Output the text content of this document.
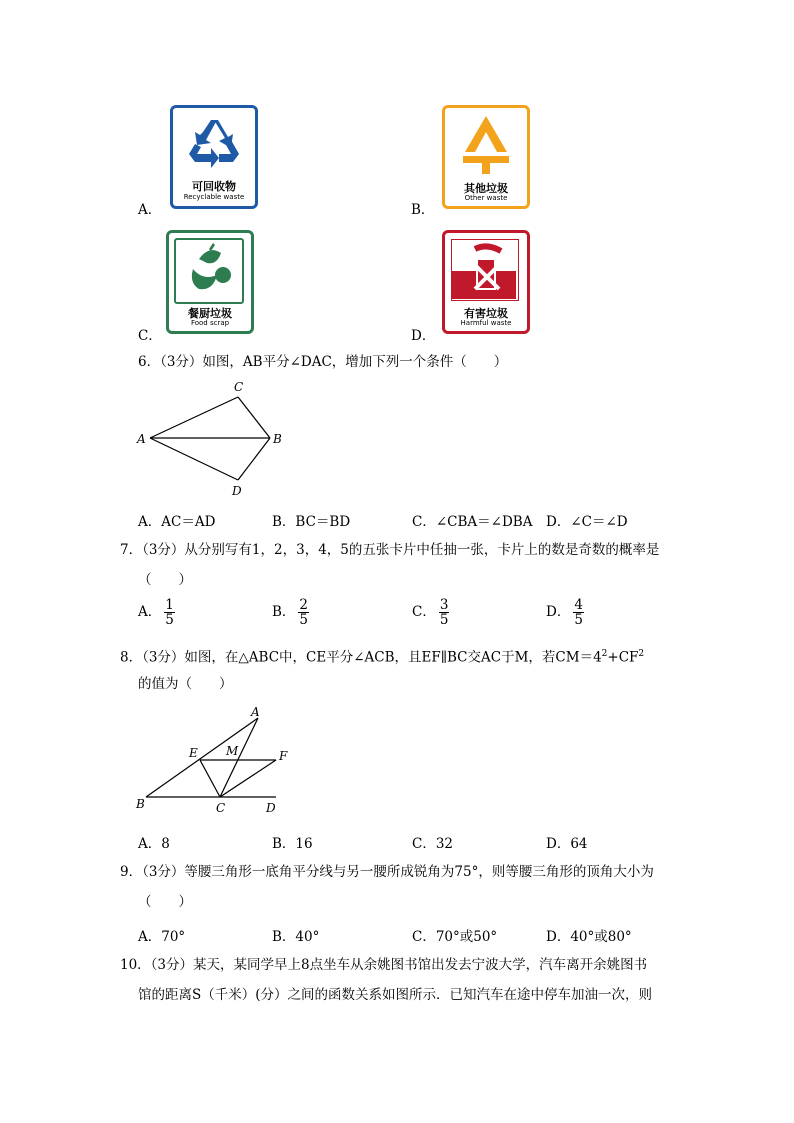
可回收物
Recyclable waste
A．
其他垃圾
Other waste
B．
餐厨垃圾
Food scrap
C．
有害垃圾
Harmful waste
D．
6．（3分）如图，AB平分∠DAC，增加下列一个条件（　　）
C
A	B
D
A．AC＝AD	B．BC＝BD	C．∠CBA＝∠DBA D．∠C＝∠D
7．（3分）从分别写有1，2，3，4，5的五张卡片中任抽一张，卡片上的数是奇数的概率是
（　　）
A． $\frac{1}{5}$	B． $\frac{2}{5}$	C． $\frac{3}{5}$	D． $\frac{4}{5}$
8．（3分）如图，在△ABC中，CE平分∠ACB，且EF∥BC交AC于M，若$CM=4^2+CF^2$
的值为（　　）
A
E M	F
B	C	D
A．8	B．16	C．32	D．64
9．（3分）等腰三角形一底角平分线与另一腰所成锐角为75°，则等腰三角形的顶角大小为
（　　）
A．70°	B．40°	C．70°或50°	D．40°或80°
10．（3分）某天，某同学早上8点坐车从余姚图书馆出发去宁波大学，汽车离开余姚图书
馆的距离S（千米）(分）之间的函数关系如图所示．已知汽车在途中停车加油一次，则
